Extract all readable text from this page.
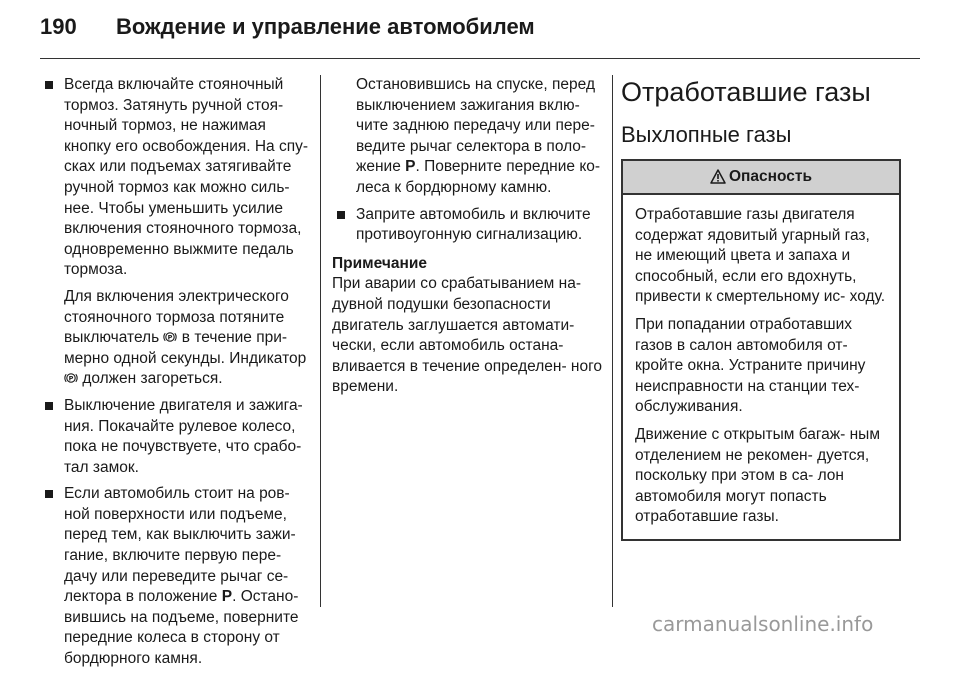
190 Вождение и управление автомобилем
Всегда включайте стояночный тормоз. Затянуть ручной стоя- ночный тормоз, не нажимая кнопку его освобождения. На спу- сках или подъемах затягивайте ручной тормоз как можно силь- нее. Чтобы уменьшить усилие включения стояночного тормоза, одновременно выжмите педаль тормоза.
Для включения электрического стояночного тормоза потяните выключатель P в течение при- мерно одной секунды. Индикатор
P должен загореться.
Выключение двигателя и зажига- ния. Покачайте рулевое колесо, пока не почувствуете, что срабо- тал замок.
Если автомобиль стоит на ров- ной поверхности или подъеме, перед тем, как выключить зажи- гание, включите первую пере- дачу или переведите рычаг се- лектора в положение P. Остано- вившись на подъеме, поверните передние колеса в сторону от бордюрного камня.
Остановившись на спуске, перед выключением зажигания вклю- чите заднюю передачу или пере- ведите рычаг селектора в поло- жение P. Поверните передние ко- леса к бордюрному камню.
Заприте автомобиль и включите противоугонную сигнализацию.
Примечание
При аварии со срабатыванием на- дувной подушки безопасности двигатель заглушается автомати- чески, если автомобиль остана- вливается в течение определен- ного времени.
Отработавшие газы
Выхлопные газы
Опасность

Отработавшие газы двигателя содержат ядовитый угарный газ, не имеющий цвета и запаха и способный, если его вдохнуть, привести к смертельному ис- ходу.

При попадании отработавших газов в салон автомобиля от- кройте окна. Устраните причину неисправности на станции тех- обслуживания.

Движение с открытым багаж- ным отделением не рекомен- дуется, поскольку при этом в са- лон автомобиля могут попасть отработавшие газы.

carmanualsonline.info
